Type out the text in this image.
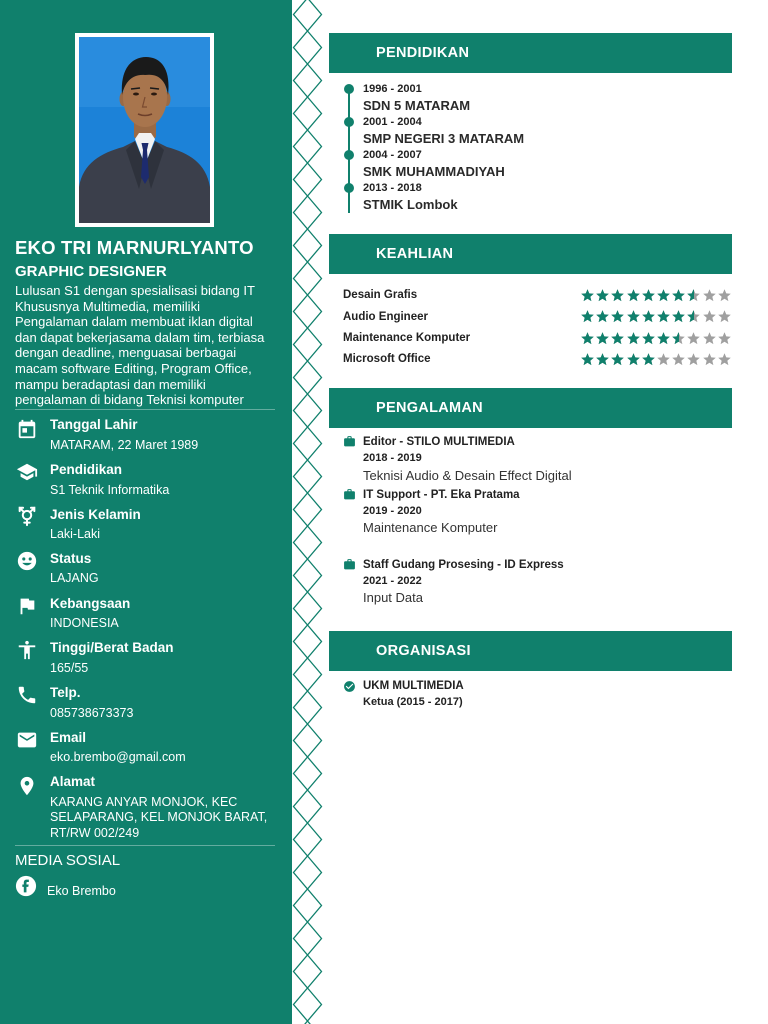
EKO TRI MARNURLYANTO
GRAPHIC DESIGNER
Lulusan S1 dengan spesialisasi bidang IT
Khususnya Multimedia, memiliki
Pengalaman dalam membuat iklan digital
dan dapat bekerjasama dalam tim, terbiasa
dengan deadline, menguasai berbagai
macam software Editing, Program Office,
mampu beradaptasi dan memiliki
pengalaman di bidang Teknisi komputer
Tanggal Lahir
MATARAM, 22 Maret 1989
Pendidikan
S1 Teknik Informatika
Jenis Kelamin
Laki-Laki
Status
LAJANG
Kebangsaan
INDONESIA
Tinggi/Berat Badan
165/55
Telp.
085738673373
Email
eko.brembo@gmail.com
Alamat
KARANG ANYAR MONJOK, KEC
SELAPARANG, KEL MONJOK BARAT,
RT/RW 002/249
MEDIA SOSIAL
Eko Brembo
PENDIDIKAN
1996 - 2001
SDN 5 MATARAM
2001 - 2004
SMP NEGERI 3 MATARAM
2004 - 2007
SMK MUHAMMADIYAH
2013 - 2018
STMIK Lombok
KEAHLIAN
Desain Grafis
Audio Engineer
Maintenance Komputer
Microsoft Office
PENGALAMAN
Editor - STILO MULTIMEDIA
2018 - 2019
Teknisi Audio & Desain Effect Digital
IT Support - PT. Eka Pratama
2019 - 2020
Maintenance Komputer
Staff Gudang Prosesing - ID Express
2021 - 2022
Input Data
ORGANISASI
UKM MULTIMEDIA
Ketua (2015 - 2017)
